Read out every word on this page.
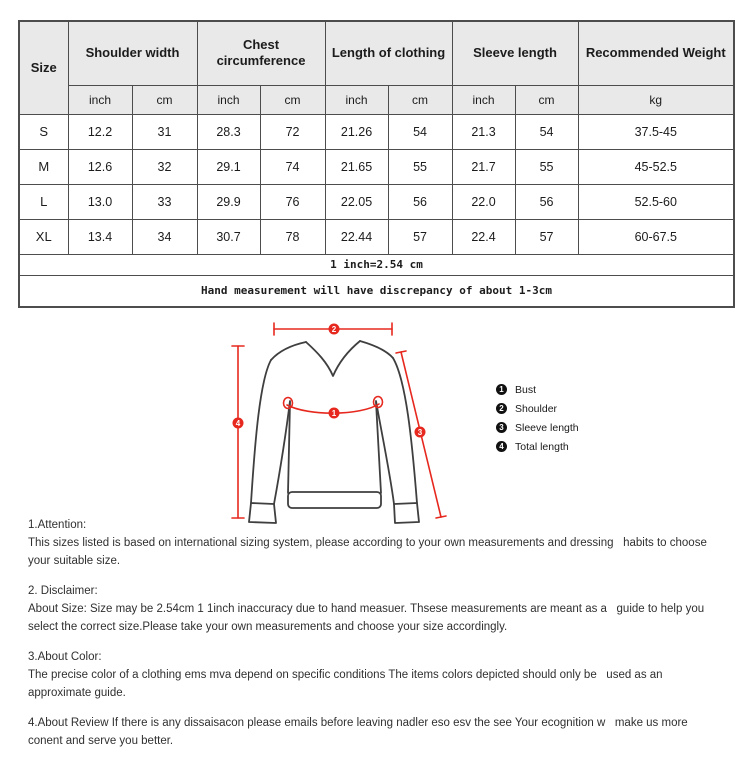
Size	Shoulder width		Chest circumference		Length of clothing		Sleeve length		Recommended Weight
	inch	cm	inch	cm	inch	cm	inch	cm	kg
S	12.2	31	28.3	72	21.26	54	21.3	54	37.5-45
M	12.6	32	29.1	74	21.65	55	21.7	55	45-52.5
L	13.0	33	29.9	76	22.05	56	22.0	56	52.5-60
XL	13.4	34	30.7	78	22.44	57	22.4	57	60-67.5
1 inch=2.54 cm									
Hand measurement will have discrepancy of about 1-3cm									
2
4
3
1
1	Bust
2	Shoulder
3	Sleeve length
4	Total length
1.Attention:
This sizes listed is based on international sizing system, please according to your own measurements and dressing   habits to choose
your suitable size.
2. Disclaimer:
About Size: Size may be 2.54cm 1 1inch inaccuracy due to hand measuer. Thsese measurements are meant as a   guide to help you
select the correct size.Please take your own measurements and choose your size accordingly.
3.About Color:
The precise color of a clothing ems mva depend on specific conditions The items colors depicted should only be   used as an
approximate guide.
4.About Review If there is any dissaisacon please emails before leaving nadler eso esv the see Your ecognition w   make us more
conent and serve you better.
